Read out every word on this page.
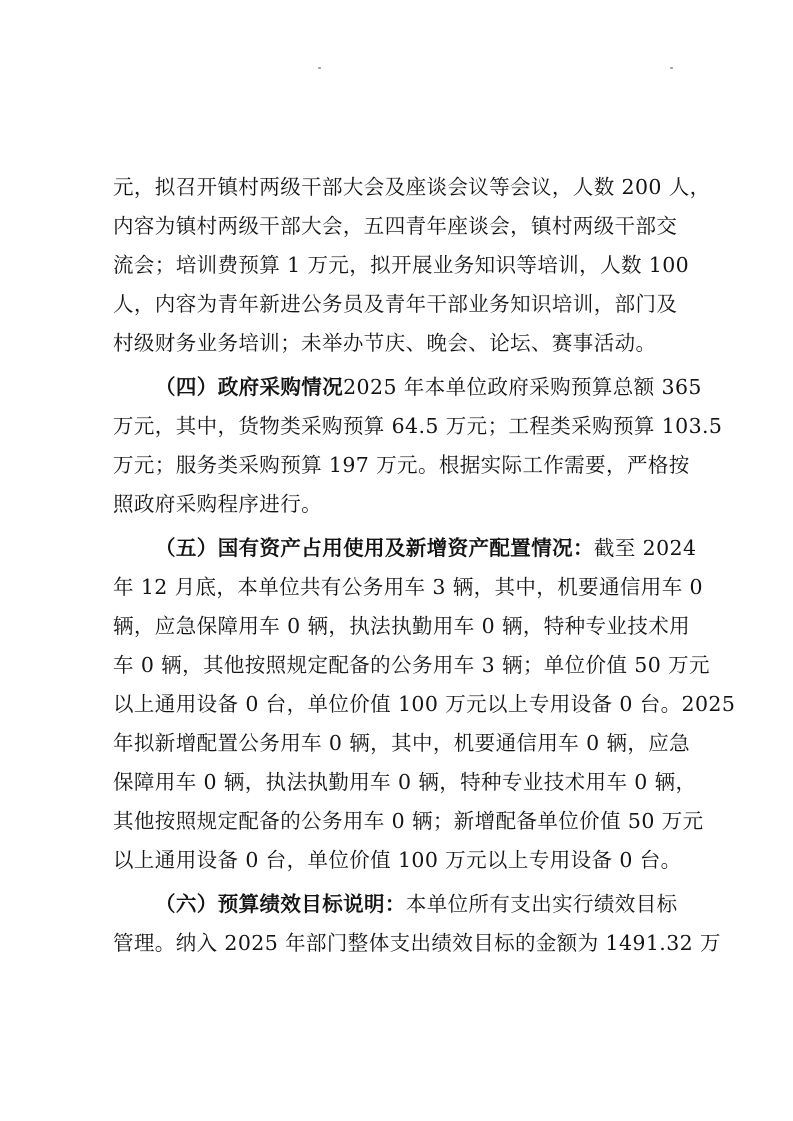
元，拟召开镇村两级干部大会及座谈会议等会议，人数 200 人，
内容为镇村两级干部大会，五四青年座谈会，镇村两级干部交
流会；培训费预算 1 万元，拟开展业务知识等培训，人数 100
人，内容为青年新进公务员及青年干部业务知识培训，部门及
村级财务业务培训；未举办节庆、晚会、论坛、赛事活动。
（四）政府采购情况2025 年本单位政府采购预算总额 365
万元，其中，货物类采购预算 64.5 万元；工程类采购预算 103.5
万元；服务类采购预算 197 万元。根据实际工作需要，严格按
照政府采购程序进行。
（五）国有资产占用使用及新增资产配置情况：截至 2024
年 12 月底，本单位共有公务用车 3 辆，其中，机要通信用车 0
辆，应急保障用车 0 辆，执法执勤用车 0 辆，特种专业技术用
车 0 辆，其他按照规定配备的公务用车 3 辆；单位价值 50 万元
以上通用设备 0 台，单位价值 100 万元以上专用设备 0 台。2025
年拟新增配置公务用车 0 辆，其中，机要通信用车 0 辆，应急
保障用车 0 辆，执法执勤用车 0 辆，特种专业技术用车 0 辆，
其他按照规定配备的公务用车 0 辆；新增配备单位价值 50 万元
以上通用设备 0 台，单位价值 100 万元以上专用设备 0 台。
（六）预算绩效目标说明：本单位所有支出实行绩效目标
管理。纳入 2025 年部门整体支出绩效目标的金额为 1491.32 万
